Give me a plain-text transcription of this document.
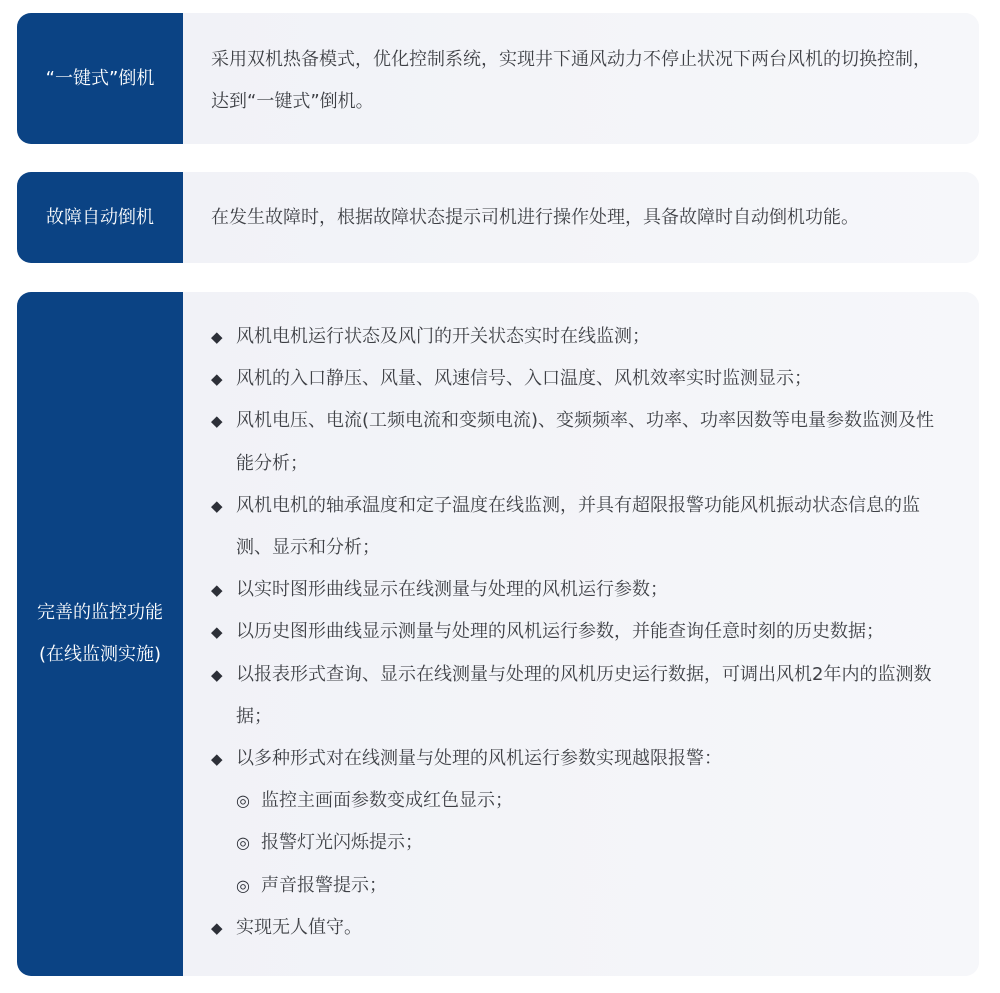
“一键式”倒机
采用双机热备模式，优化控制系统，实现井下通风动力不停止状况下两台风机的切换控制，达到“一键式”倒机。
故障自动倒机	在发生故障时，根据故障状态提示司机进行操作处理，具备故障时自动倒机功能。
完善的监控功能
(在线监测实施)
◆ 风机电机运行状态及风门的开关状态实时在线监测；
◆ 风机的入口静压、风量、风速信号、入口温度、风机效率实时监测显示；
◆ 风机电压、电流(工频电流和变频电流)、变频频率、功率、功率因数等电量参数监测及性能分析；
◆ 风机电机的轴承温度和定子温度在线监测，并具有超限报警功能风机振动状态信息的监测、显示和分析；
◆ 以实时图形曲线显示在线测量与处理的风机运行参数；
◆ 以历史图形曲线显示测量与处理的风机运行参数，并能查询任意时刻的历史数据；
◆ 以报表形式查询、显示在线测量与处理的风机历史运行数据，可调出风机2年内的监测数据；
◆ 以多种形式对在线测量与处理的风机运行参数实现越限报警：
◎ 监控主画面参数变成红色显示；
◎ 报警灯光闪烁提示；
◎ 声音报警提示；
◆ 实现无人值守。
